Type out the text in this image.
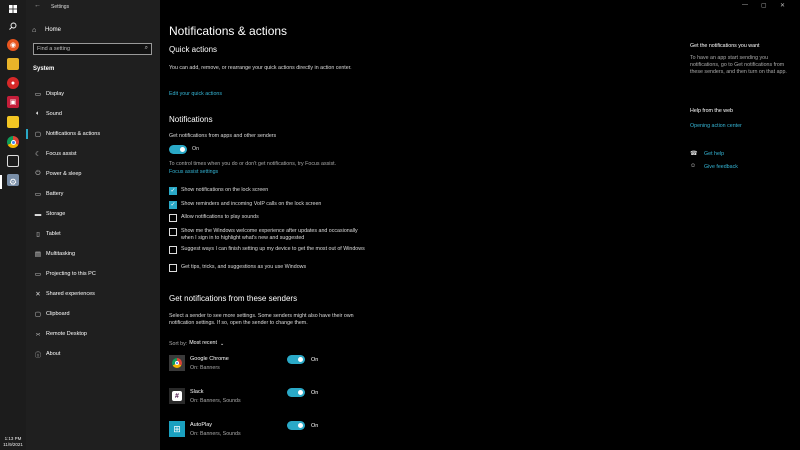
◉
●
▣
⚙
1:13 PM
11/9/2021
← Settings
⌂	Home
Find a setting
⌕
System
▭ Display
🔈︎	Sound
▢ Notifications & actions
☾ Focus assist
⏻ Power & sleep
▭ Battery
▬ Storage
▯	Tablet
▤ Multitasking
▭ Projecting to this PC
✕ Shared experiences
▢ Clipboard
›‹	Remote Desktop
ⓘ About
Notifications & actions
Quick actions
You can add, remove, or rearrange your quick actions directly in action center.
Edit your quick actions
Notifications
Get notifications from apps and other senders
On
To control times when you do or don't get notifications, try Focus assist.
Focus assist settings
✓ Show notifications on the lock screen
✓ Show reminders and incoming VoIP calls on the lock screen
Allow notifications to play sounds
Show me the Windows welcome experience after updates and occasionally when I sign in to highlight what's new and suggested
Suggest ways I can finish setting up my device to get the most out of Windows
Get tips, tricks, and suggestions as you use Windows
Get notifications from these senders
Select a sender to see more settings. Some senders might also have their own notification settings. If so, open the sender to change them.
Sort by: Most recent ⌄
Google Chrome
On: Banners
On
#
Slack
On: Banners, Sounds
On
⊞	AutoPlay
On: Banners, Sounds
On
— ▢ ✕
Get the notifications you want
To have an app start sending you notifications, go to Get notifications from these senders, and then turn on that app.
Help from the web
Opening action center
☎ Get help
☺ Give feedback
